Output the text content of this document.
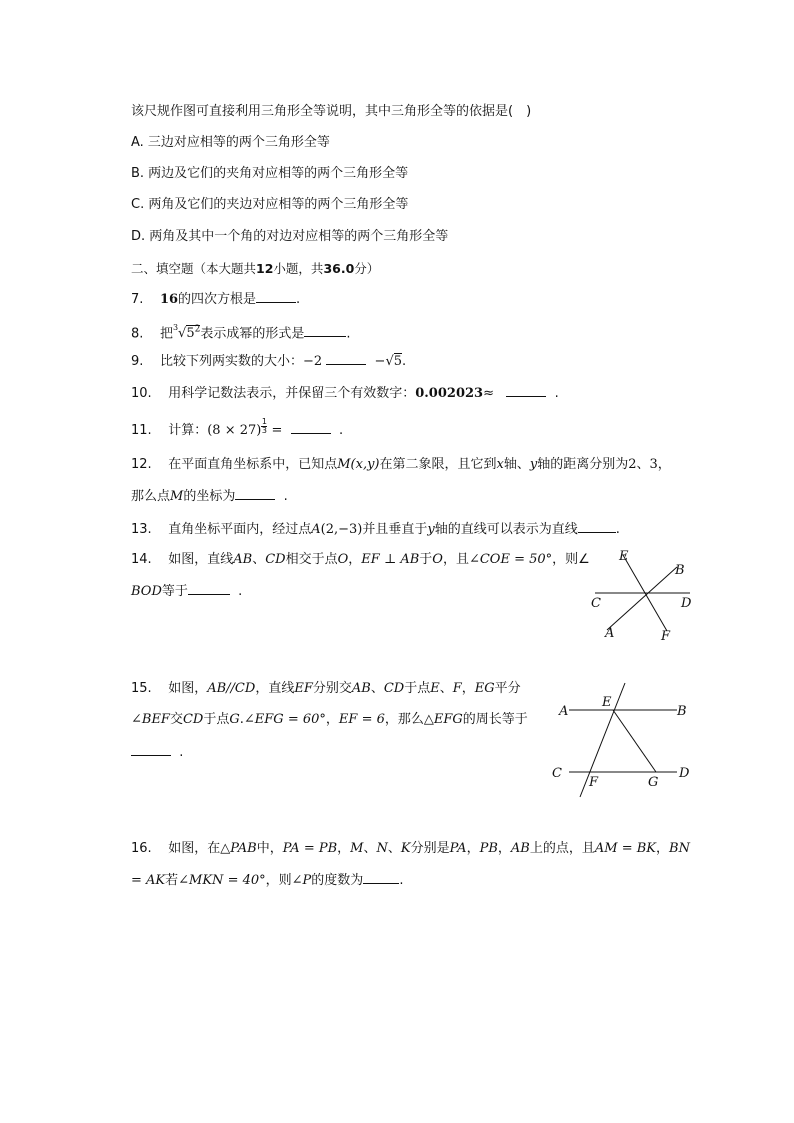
该尺规作图可直接利用三角形全等说明，其中三角形全等的依据是(　)
A. 三边对应相等的两个三角形全等
B. 两边及它们的夹角对应相等的两个三角形全等
C. 两角及它们的夹边对应相等的两个三角形全等
D. 两角及其中一个角的对边对应相等的两个三角形全等
二、填空题（本大题共12小题，共36.0分）
7. 16的四次方根是	.
8. 把$^3√5^2$表示成幂的形式是	.
9. 比较下列两实数的大小：−2	−√5.
10. 用科学记数法表示，并保留三个有效数字：0.002023≈	.
11. 计算：$(8 \times 27) \frac{1}{3}$ =	.
12. 在平面直角坐标系中，已知点M(x,y)在第二象限，且它到x轴、y轴的距离分别为2、3，
那么点M的坐标为	.
13. 直角坐标平面内，经过点A(2,−3)并且垂直于y轴的直线可以表示为直线	.
14. 如图，直线AB、CD相交于点O，EF ⊥ AB于O，且∠COE = 50°，则∠
BOD等于	.
E
B
C	D
A	F
15. 如图，AB//CD，直线EF分别交AB、CD于点E、F，EG平分
∠BEF交CD于点G.∠EFG = 60°，EF = 6，那么△EFG的周长等于
.
A
E
B
C
F	G
D
16. 如图，在△PAB中，PA = PB，M、N、K分别是PA，PB，AB上的点，且AM = BK，BN
= AK若∠MKN = 40°，则∠P的度数为	.
